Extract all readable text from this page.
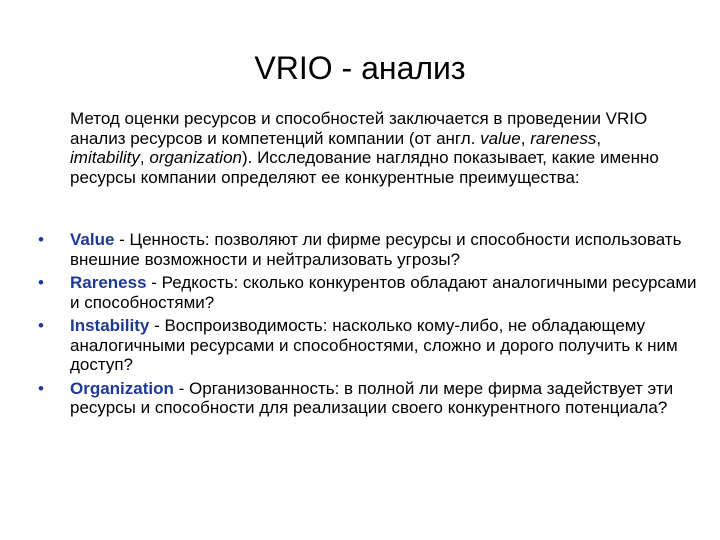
VRIO - анализ
Метод оценки ресурсов и способностей заключается в проведении VRIO анализ ресурсов и компетенций компании (от англ. value, rareness, imitability, organization). Исследование наглядно показывает, какие именно ресурсы компании определяют ее конкурентные преимущества:
• Value - Ценность: позволяют ли фирме ресурсы и способности использовать внешние возможности и нейтрализовать угрозы?
• Rareness - Редкость: сколько конкурентов обладают аналогичными ресурсами и способностями?
• Instability - Воспроизводимость: насколько кому-либо, не обладающему аналогичными ресурсами и способностями, сложно и дорого получить к ним доступ?
• Organization - Организованность: в полной ли мере фирма задействует эти ресурсы и способности для реализации своего конкурентного потенциала?
